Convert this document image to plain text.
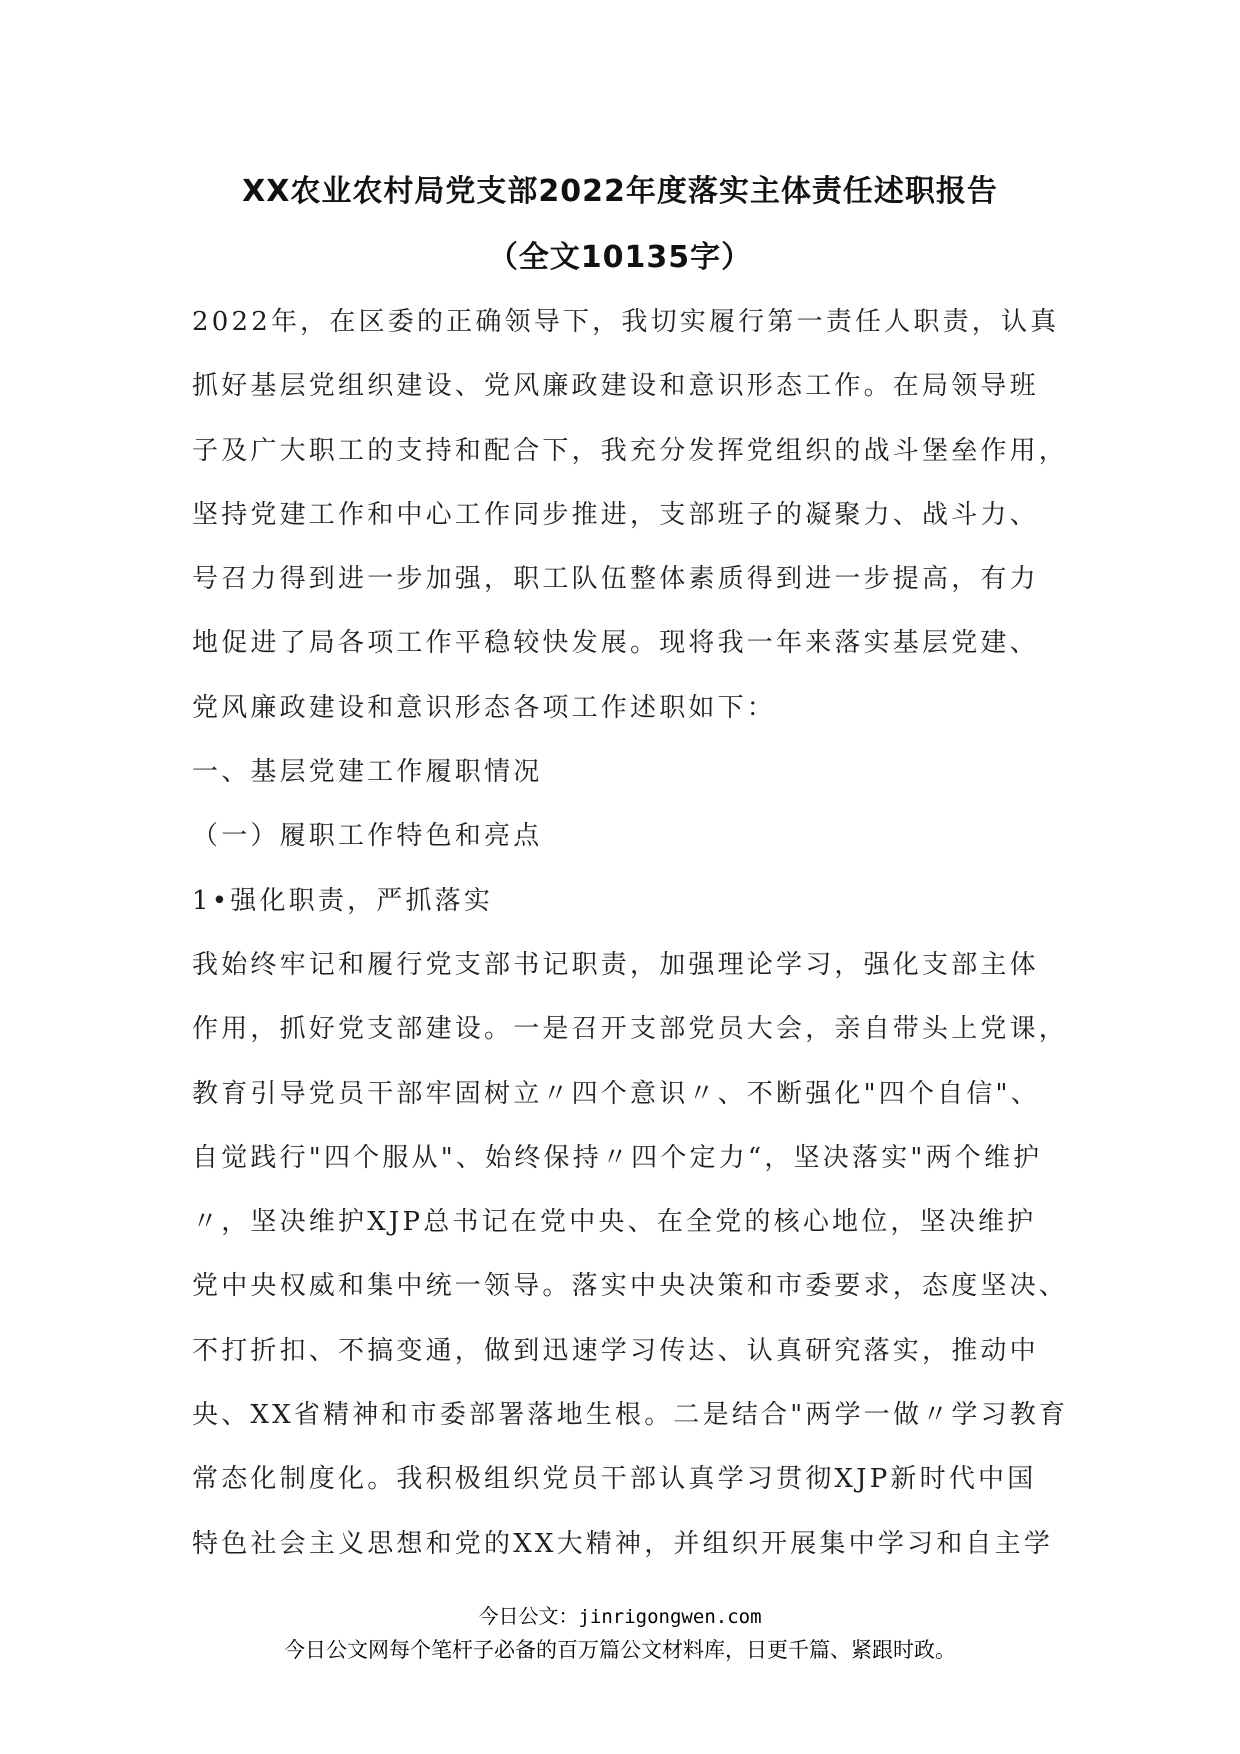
XX农业农村局党支部2022年度落实主体责任述职报告
（全文10135字）
2022年，在区委的正确领导下，我切实履行第一责任人职责，认真
抓好基层党组织建设、党风廉政建设和意识形态工作。在局领导班
子及广大职工的支持和配合下，我充分发挥党组织的战斗堡垒作用，
坚持党建工作和中心工作同步推进，支部班子的凝聚力、战斗力、
号召力得到进一步加强，职工队伍整体素质得到进一步提高，有力
地促进了局各项工作平稳较快发展。现将我一年来落实基层党建、
党风廉政建设和意识形态各项工作述职如下：
一、基层党建工作履职情况
（一）履职工作特色和亮点
1•强化职责，严抓落实
我始终牢记和履行党支部书记职责，加强理论学习，强化支部主体
作用，抓好党支部建设。一是召开支部党员大会，亲自带头上党课，
教育引导党员干部牢固树立〃四个意识〃、不断强化"四个自信"、
自觉践行"四个服从"、始终保持〃四个定力“，坚决落实"两个维护
〃，坚决维护XJP总书记在党中央、在全党的核心地位，坚决维护
党中央权威和集中统一领导。落实中央决策和市委要求，态度坚决、
不打折扣、不搞变通，做到迅速学习传达、认真研究落实，推动中
央、XX省精神和市委部署落地生根。二是结合"两学一做〃学习教育
常态化制度化。我积极组织党员干部认真学习贯彻XJP新时代中国
特色社会主义思想和党的XX大精神，并组织开展集中学习和自主学
今日公文：jinrigongwen.com
今日公文网每个笔杆子必备的百万篇公文材料库，日更千篇、紧跟时政。
